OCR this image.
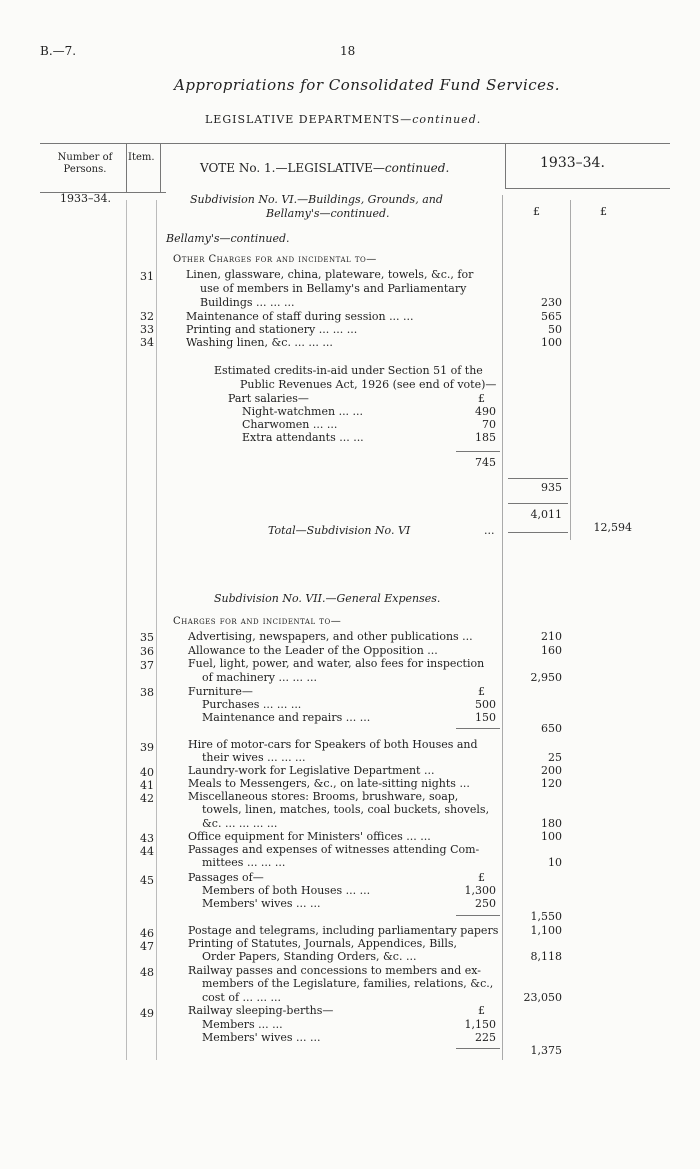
B.—7.	18
Appropriations for Consolidated Fund Services.
LEGISLATIVE DEPARTMENTS—continued.
Number of Persons.
Item.
VOTE No. 1.—LEGISLATIVE—continued.	1933–34.
1933–34.	Subdivision No. VI.—Buildings, Grounds, and
Bellamy's—continued.	£	£
Bellamy's—continued.
Other Charges for and incidental to—
31	Linen, glassware, china, plateware, towels, &c., for
use of members in Bellamy's and Parliamentary
Buildings ... ... ...	230
32	Maintenance of staff during session ... ...	565
33	Printing and stationery ... ... ...	50
34	Washing linen, &c. ... ... ...	100
Estimated credits-in-aid under Section 51 of the
Public Revenues Act, 1926 (see end of vote)—
Part salaries—	£
Night-watchmen ... ...	490
Charwomen ... ...	70
Extra attendants ... ...	185
745
935
4,011
Total—Subdivision No. VI	...	12,594
Subdivision No. VII.—General Expenses.
Charges for and incidental to—
35	Advertising, newspapers, and other publications ...	210
36	Allowance to the Leader of the Opposition ...	160
37	Fuel, light, power, and water, also fees for inspection
of machinery ... ... ...	2,950
38	Furniture—	£
Purchases ... ... ...	500
Maintenance and repairs ... ...	150
650
39	Hire of motor-cars for Speakers of both Houses and
their wives ... ... ...	25
40	Laundry-work for Legislative Department ...	200
41	Meals to Messengers, &c., on late-sitting nights ...	120
42	Miscellaneous stores: Brooms, brushware, soap,
towels, linen, matches, tools, coal buckets, shovels,
&c. ... ... ... ...	180
43	Office equipment for Ministers' offices ... ...	100
44	Passages and expenses of witnesses attending Com-
mittees ... ... ...	10
45	Passages of—	£
Members of both Houses ... ...	1,300
Members' wives ... ...	250
1,550
46	Postage and telegrams, including parliamentary papers	1,100
47	Printing of Statutes, Journals, Appendices, Bills,
Order Papers, Standing Orders, &c. ...	8,118
48	Railway passes and concessions to members and ex-
members of the Legislature, families, relations, &c.,
cost of ... ... ...	23,050
49	Railway sleeping-berths—	£
Members ... ...	1,150
Members' wives ... ...	225
1,375
